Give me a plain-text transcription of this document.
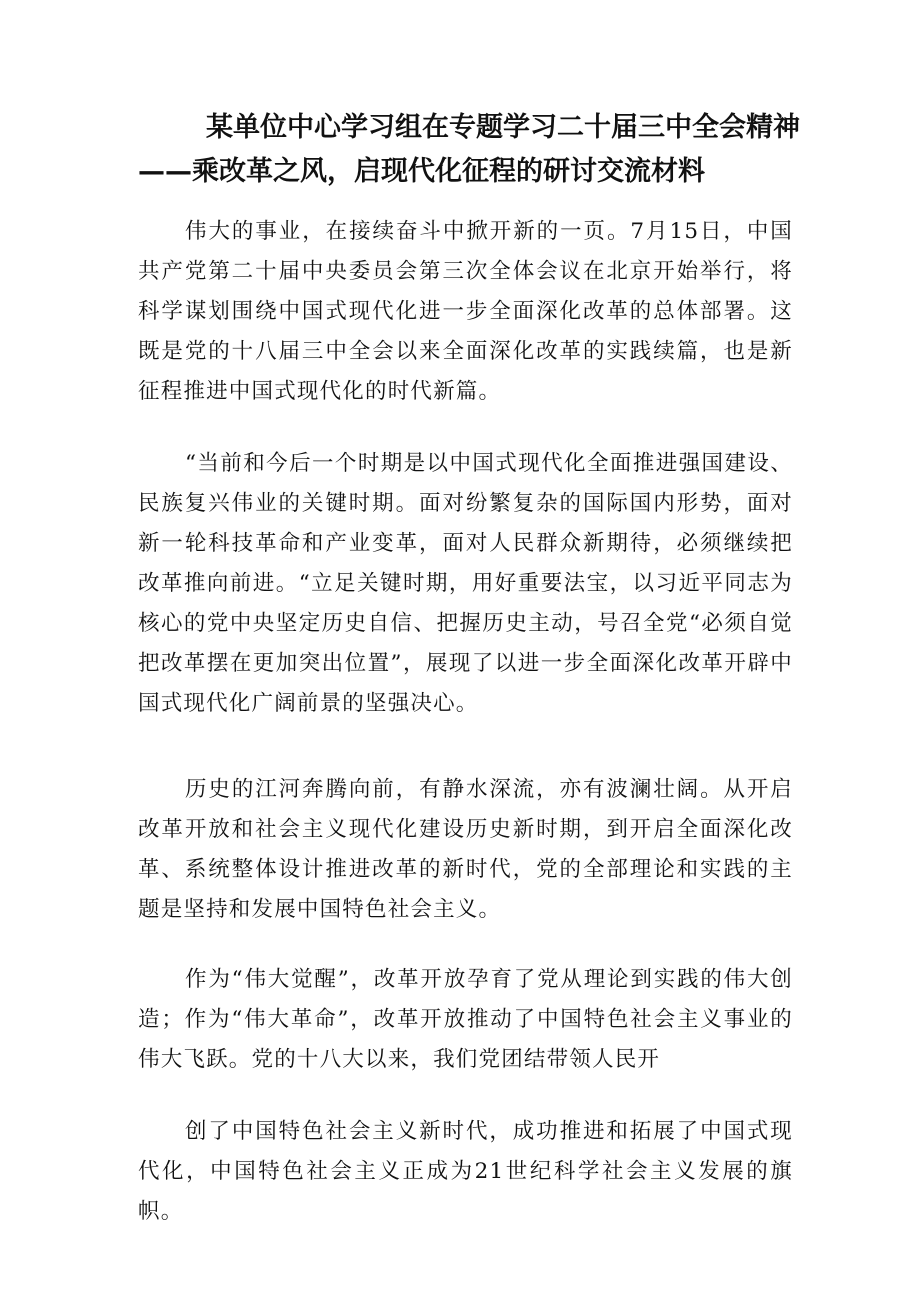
某单位中心学习组在专题学习二十届三中全会精神
——乘改革之风，启现代化征程的研讨交流材料

伟大的事业，在接续奋斗中掀开新的一页。7月15日，中国共产党第二十届中央委员会第三次全体会议在北京开始举行，将科学谋划围绕中国式现代化进一步全面深化改革的总体部署。这既是党的十八届三中全会以来全面深化改革的实践续篇，也是新征程推进中国式现代化的时代新篇。

“当前和今后一个时期是以中国式现代化全面推进强国建设、民族复兴伟业的关键时期。面对纷繁复杂的国际国内形势，面对新一轮科技革命和产业变革，面对人民群众新期待，必须继续把改革推向前进。“立足关键时期，用好重要法宝，以习近平同志为核心的党中央坚定历史自信、把握历史主动，号召全党“必须自觉把改革摆在更加突出位置”，展现了以进一步全面深化改革开辟中国式现代化广阔前景的坚强决心。

历史的江河奔腾向前，有静水深流，亦有波澜壮阔。从开启改革开放和社会主义现代化建设历史新时期，到开启全面深化改革、系统整体设计推进改革的新时代，党的全部理论和实践的主题是坚持和发展中国特色社会主义。

作为“伟大觉醒”，改革开放孕育了党从理论到实践的伟大创造；作为“伟大革命”，改革开放推动了中国特色社会主义事业的伟大飞跃。党的十八大以来，我们党团结带领人民开

创了中国特色社会主义新时代，成功推进和拓展了中国式现代化，中国特色社会主义正成为21世纪科学社会主义发展的旗帜。
